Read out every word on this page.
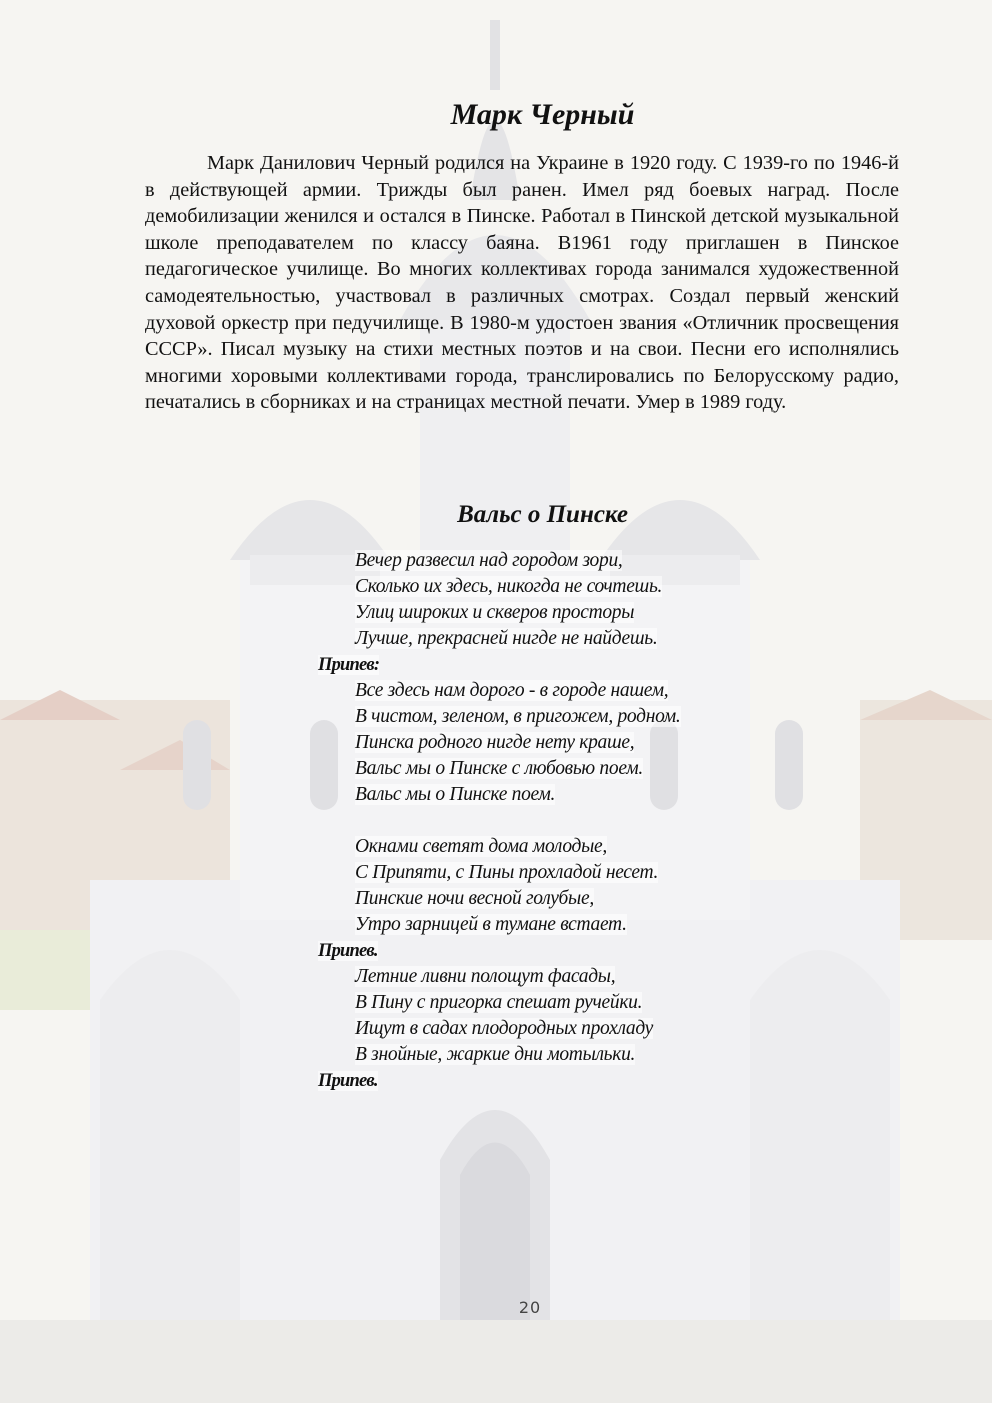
Марк Черный

Марк Данилович Черный родился на Украине в 1920 году. С 1939-го по 1946-й в действующей армии. Трижды был ранен. Имел ряд боевых наград. После демобилизации женился и остался в Пинске. Работал в Пинской детской музыкальной школе преподавателем по классу баяна. В1961 году приглашен в Пинское педагогическое училище. Во многих коллективах города занимался художественной самодеятельностью, участвовал в различных смотрах. Создал первый женский духовой оркестр при педучилище. В 1980-м удостоен звания «Отличник просвещения СССР». Писал музыку на стихи местных поэтов и на свои. Песни его исполнялись многими хоровыми коллективами города, транслировались по Белорусскому радио, печатались в сборниках и на страницах местной печати. Умер в 1989 году.

Вальс о Пинске
Вечер развесил над городом зори,
Сколько их здесь, никогда не сочтешь.
Улиц широких и скверов просторы
Лучше, прекрасней нигде не найдешь.
Припев:
Все здесь нам дорого - в городе нашем,
В чистом, зеленом, в пригожем, родном.
Пинска родного нигде нету краше,
Вальс мы о Пинске с любовью поем.
Вальс мы о Пинске поем.
Окнами светят дома молодые,
С Припяти, с Пины прохладой несет.
Пинские ночи весной голубые,
Утро зарницей в тумане встает.
Припев.
Летние ливни полощут фасады,
В Пину с пригорка спешат ручейки.
Ищут в садах плодородных прохладу
В знойные, жаркие дни мотыльки.
Припев.
20
